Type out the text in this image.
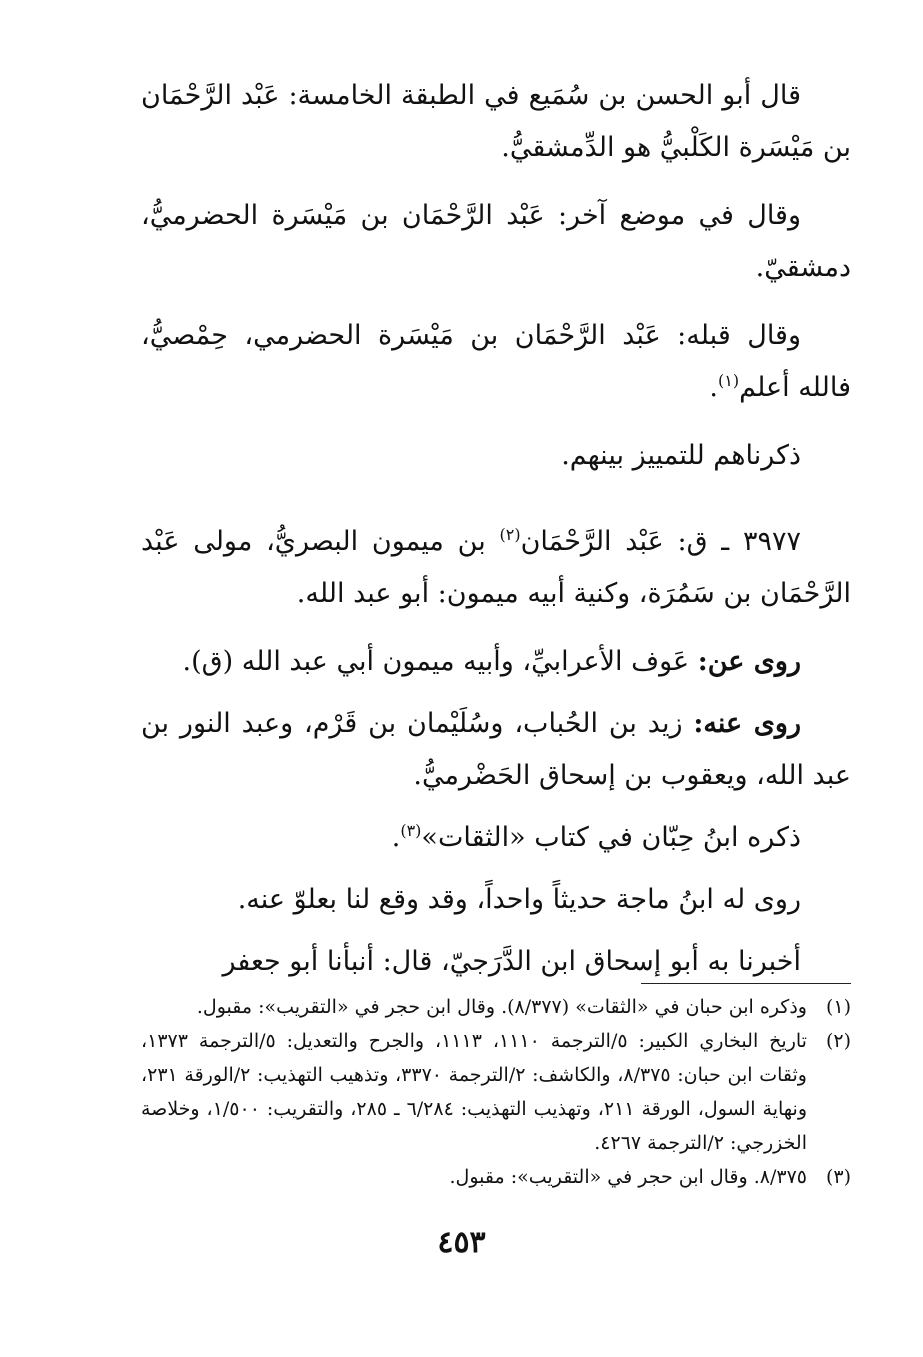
قال أبو الحسن بن سُمَيع في الطبقة الخامسة: عَبْد الرَّحْمَان بن مَيْسَرة الكَلْبيُّ هو الدِّمشقيُّ.

وقال في موضع آخر: عَبْد الرَّحْمَان بن مَيْسَرة الحضرميُّ، دمشقيّ.

وقال قبله: عَبْد الرَّحْمَان بن مَيْسَرة الحضرمي، حِمْصيُّ، فالله أعلم$^{(١)}$.

ذكرناهم للتمييز بينهم.

٣٩٧٧ ـ ق: عَبْد الرَّحْمَان$^{(٢)}$ بن ميمون البصريُّ، مولى عَبْد الرَّحْمَان بن سَمُرَة، وكنية أبيه ميمون: أبو عبد الله.

روى عن: عَوف الأعرابيِّ، وأبيه ميمون أبي عبد الله (ق).

روى عنه: زيد بن الحُباب، وسُلَيْمان بن قَرْم، وعبد النور بن عبد الله، ويعقوب بن إسحاق الحَضْرميُّ.

ذكره ابنُ حِبّان في كتاب «الثقات»$^{(٣)}$.

روى له ابنُ ماجة حديثاً واحداً، وقد وقع لنا بعلوّ عنه.

أخبرنا به أبو إسحاق ابن الدَّرَجيّ، قال: أنبأنا أبو جعفر

(١)
وذكره ابن حبان في «الثقات» (٨/٣٧٧). وقال ابن حجر في «التقريب»: مقبول.
(٢)
تاريخ البخاري الكبير: ٥/الترجمة ١١١٠، ١١١٣، والجرح والتعديل: ٥/الترجمة ١٣٧٣، وثقات ابن حبان: ٨/٣٧٥، والكاشف: ٢/الترجمة ٣٣٧٠، وتذهيب التهذيب: ٢/الورقة ٢٣١، ونهاية السول، الورقة ٢١١، وتهذيب التهذيب: ٦/٢٨٤ ـ ٢٨٥، والتقريب: ١/٥٠٠، وخلاصة الخزرجي: ٢/الترجمة ٤٢٦٧.
(٣)
٨/٣٧٥. وقال ابن حجر في «التقريب»: مقبول.
٤٥٣
